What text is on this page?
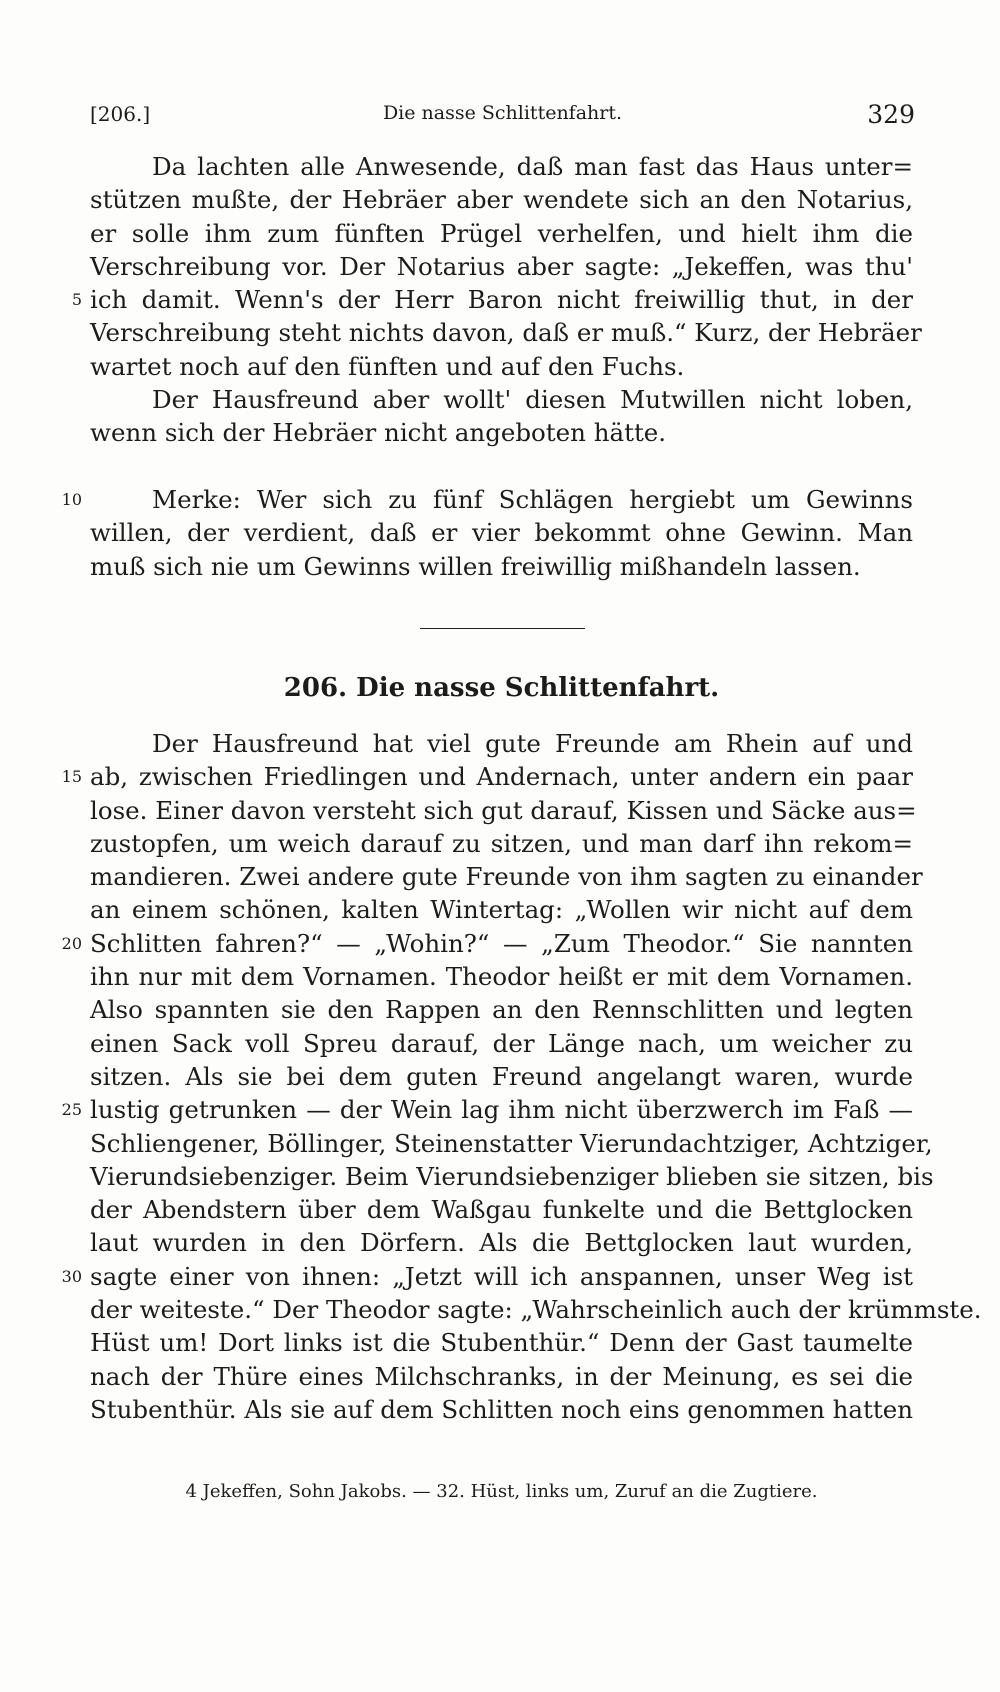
[206.]	Die nasse Schlittenfahrt.	329
Da lachten alle Anwesende, daß man fast das Haus unter=
stützen mußte, der Hebräer aber wendete sich an den Notarius,
er solle ihm zum fünften Prügel verhelfen, und hielt ihm die
Verschreibung vor. Der Notarius aber sagte: „Jekeffen, was thu'
5 ich damit. Wenn's der Herr Baron nicht freiwillig thut, in der
Verschreibung steht nichts davon, daß er muß.“ Kurz, der Hebräer
wartet noch auf den fünften und auf den Fuchs.
Der Hausfreund aber wollt' diesen Mutwillen nicht loben,
wenn sich der Hebräer nicht angeboten hätte.
10	Merke: Wer sich zu fünf Schlägen hergiebt um Gewinns
willen, der verdient, daß er vier bekommt ohne Gewinn. Man
muß sich nie um Gewinns willen freiwillig mißhandeln lassen.
206. Die nasse Schlittenfahrt.
Der Hausfreund hat viel gute Freunde am Rhein auf und
15 ab, zwischen Friedlingen und Andernach, unter andern ein paar
lose. Einer davon versteht sich gut darauf, Kissen und Säcke aus=
zustopfen, um weich darauf zu sitzen, und man darf ihn rekom=
mandieren. Zwei andere gute Freunde von ihm sagten zu einander
an einem schönen, kalten Wintertag: „Wollen wir nicht auf dem
20 Schlitten fahren?“ — „Wohin?“ — „Zum Theodor.“ Sie nannten
ihn nur mit dem Vornamen. Theodor heißt er mit dem Vornamen.
Also spannten sie den Rappen an den Rennschlitten und legten
einen Sack voll Spreu darauf, der Länge nach, um weicher zu
sitzen. Als sie bei dem guten Freund angelangt waren, wurde
25 lustig getrunken — der Wein lag ihm nicht überzwerch im Faß —
Schliengener, Böllinger, Steinenstatter Vierundachtziger, Achtziger,
Vierundsiebenziger. Beim Vierundsiebenziger blieben sie sitzen, bis
der Abendstern über dem Waßgau funkelte und die Bettglocken
laut wurden in den Dörfern. Als die Bettglocken laut wurden,
30 sagte einer von ihnen: „Jetzt will ich anspannen, unser Weg ist
der weiteste.“ Der Theodor sagte: „Wahrscheinlich auch der krümmste.
Hüst um! Dort links ist die Stubenthür.“ Denn der Gast taumelte
nach der Thüre eines Milchschranks, in der Meinung, es sei die
Stubenthür. Als sie auf dem Schlitten noch eins genommen hatten
4 Jekeffen, Sohn Jakobs. — 32. Hüst, links um, Zuruf an die Zugtiere.
